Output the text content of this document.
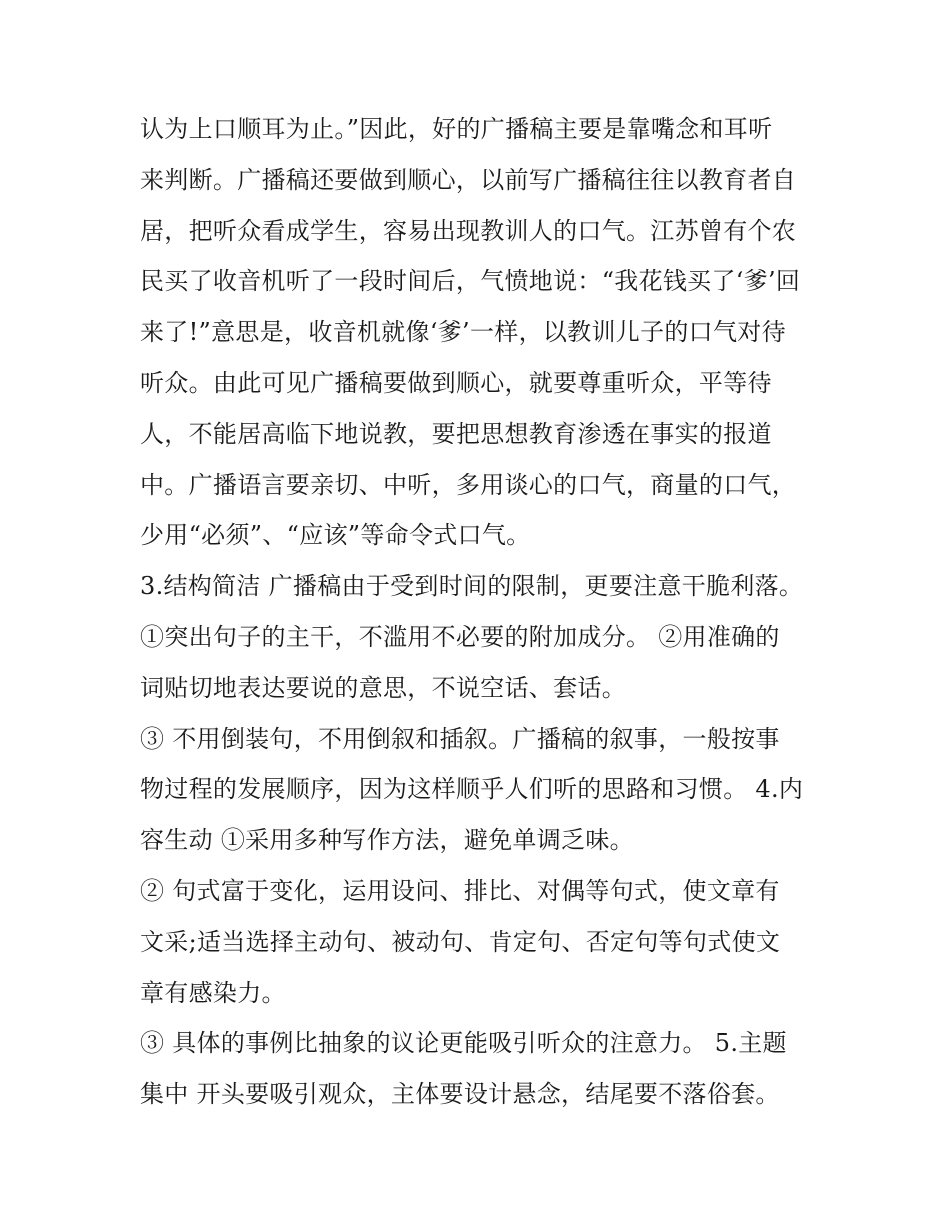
认为上口顺耳为止。”因此，好的广播稿主要是靠嘴念和耳听
来判断。广播稿还要做到顺心，以前写广播稿往往以教育者自
居，把听众看成学生，容易出现教训人的口气。江苏曾有个农
民买了收音机听了一段时间后，气愤地说：“我花钱买了‘爹’回
来了!”意思是，收音机就像‘爹’一样，以教训儿子的口气对待
听众。由此可见广播稿要做到顺心，就要尊重听众，平等待
人，不能居高临下地说教，要把思想教育渗透在事实的报道
中。广播语言要亲切、中听，多用谈心的口气，商量的口气，
少用“必须”、“应该”等命令式口气。
3.结构简洁 广播稿由于受到时间的限制，更要注意干脆利落。
①突出句子的主干，不滥用不必要的附加成分。 ②用准确的
词贴切地表达要说的意思，不说空话、套话。
③ 不用倒装句，不用倒叙和插叙。广播稿的叙事，一般按事
物过程的发展顺序，因为这样顺乎人们听的思路和习惯。 4.内
容生动 ①采用多种写作方法，避免单调乏味。
② 句式富于变化，运用设问、排比、对偶等句式，使文章有
文采;适当选择主动句、被动句、肯定句、否定句等句式使文
章有感染力。
③ 具体的事例比抽象的议论更能吸引听众的注意力。 5.主题
集中 开头要吸引观众，主体要设计悬念，结尾要不落俗套。
